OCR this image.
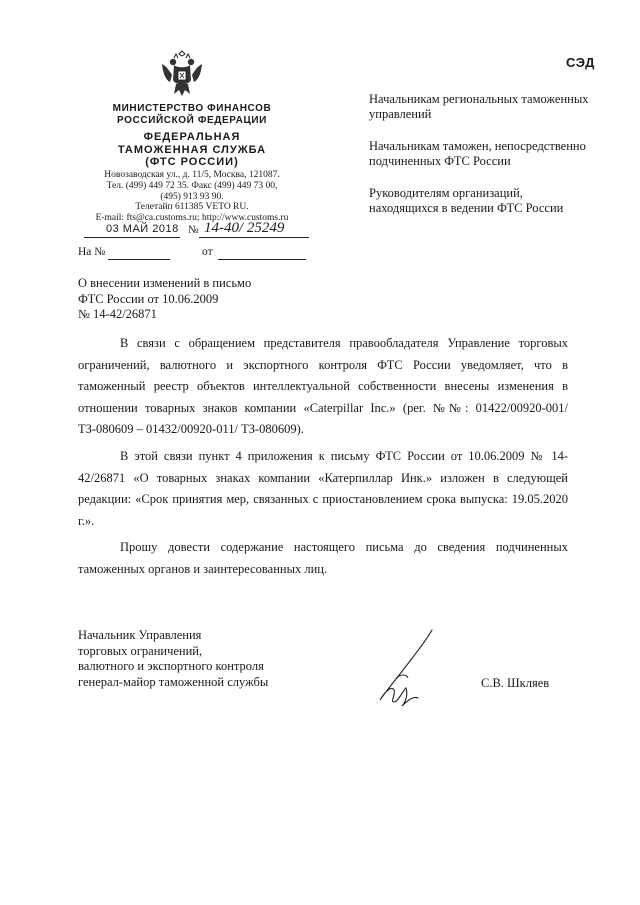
СЭД
МИНИСТЕРСТВО ФИНАНСОВ
РОССИЙСКОЙ ФЕДЕРАЦИИ
ФЕДЕРАЛЬНАЯ
ТАМОЖЕННАЯ СЛУЖБА
(ФТС РОССИИ)
Новозаводская ул., д. 11/5, Москва, 121087.
Тел. (499) 449 72 35. Факс (499) 449 73 00,
(495) 913 93 90.
Телетайп 611385 VETO RU.
E-mail: fts@ca.customs.ru; http://www.customs.ru
03 МАЙ 2018 № 14-40/ 25249
На №	от

Начальникам региональных таможенных управлений

Начальникам таможен, непосредственно подчиненных ФТС России

Руководителям организаций, находящихся в ведении ФТС России

О внесении изменений в письмо
ФТС России от 10.06.2009
№ 14-42/26871

В связи с обращением представителя правообладателя Управление торговых ограничений, валютного и экспортного контроля ФТС России уведомляет, что в таможенный реестр объектов интеллектуальной собственности внесены изменения в отношении товарных знаков компании «Caterpillar Inc.» (рег. №№: 01422/00920-001/ТЗ-080609 – 01432/00920-011/ ТЗ-080609).

В этой связи пункт 4 приложения к письму ФТС России от 10.06.2009 № 14-42/26871 «О товарных знаках компании «Катерпиллар Инк.» изложен в следующей редакции: «Срок принятия мер, связанных с приостановлением срока выпуска: 19.05.2020 г.».

Прошу довести содержание настоящего письма до сведения подчиненных таможенных органов и заинтересованных лиц.

Начальник Управления
торговых ограничений,
валютного и экспортного контроля
генерал-майор таможенной службы	С.В. Шкляев
